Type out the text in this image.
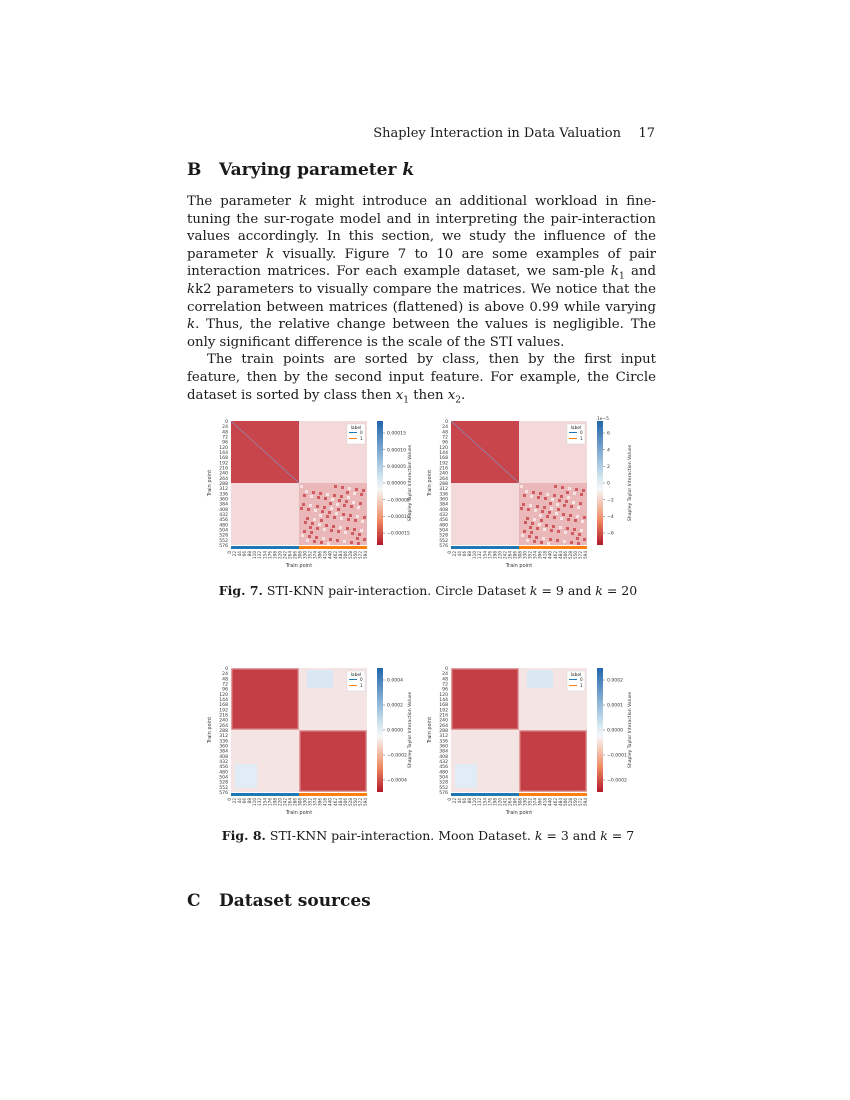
Shapley Interaction in Data Valuation 17
B Varying parameter k

The parameter k might introduce an additional workload in fine-tuning the sur-rogate model and in interpreting the pair-interaction values accordingly. In this section, we study the influence of the parameter k visually. Figure 7 to 10 are some examples of pair interaction matrices. For each example dataset, we sam-ple $k_1$ and kk2 parameters to visually compare the matrices. We notice that the correlation between matrices (flattened) is above 0.99 while varying k. Thus, the relative change between the values is negligible. The only significant difference is the scale of the STI values.

The train points are sorted by class, then by the first input feature, then by the second input feature. For example, the Circle dataset is sorted by class then $x_1$ then $x_2$.

0
24
48
72
96
120
144
168
192
216
240
264
288
312
336
360
384
408
432
456
480
504
528
552
576
0 22 44 66 88 110 132 154 176 198 220 242 264 286 308 330 352 374 396 418 440 462 484 506 528 550 572 594
Train point
Train point
label
0
1
0.00015
0.00010
0.00005
0.00000
−0.00005
−0.00010
−0.00015
Shapley Taylor Interaction Values
0
24
48
72
96
120
144
168
192
216
240
264
288
312
336
360
384
408
432
456
480
504
528
552
576
0 22 44 66 88 110 132 154 176 198 220 242 264 286 308 330 352 374 396 418 440 462 484 506 528 550 572 594
Train point
Train point
label
0
1
6
4
2
0
−2
−4
−6
1e−5
Shapley Taylor Interaction Values
Fig. 7. STI-KNN pair-interaction. Circle Dataset k = 9 and k = 20
0
24
48
72
96
120
144
168
192
216
240
264
288
312
336
360
384
408
432
456
480
504
528
552
576
0 22 44 66 88 110 132 154 176 198 220 242 264 286 308 330 352 374 396 418 440 462 484 506 528 550 572 594
Train point
Train point
label
0
1
0.0004
0.0002
0.0000
−0.0002
−0.0004
Shapley Taylor Interaction Values
0
24
48
72
96
120
144
168
192
216
240
264
288
312
336
360
384
408
432
456
480
504
528
552
576
0 22 44 66 88 110 132 154 176 198 220 242 264 286 308 330 352 374 396 418 440 462 484 506 528 550 572 594
Train point
Train point
label
0
1
0.0002
0.0001
0.0000
−0.0001
−0.0002
Shapley Taylor Interaction Values
Fig. 8. STI-KNN pair-interaction. Moon Dataset. k = 3 and k = 7
C Dataset sources
